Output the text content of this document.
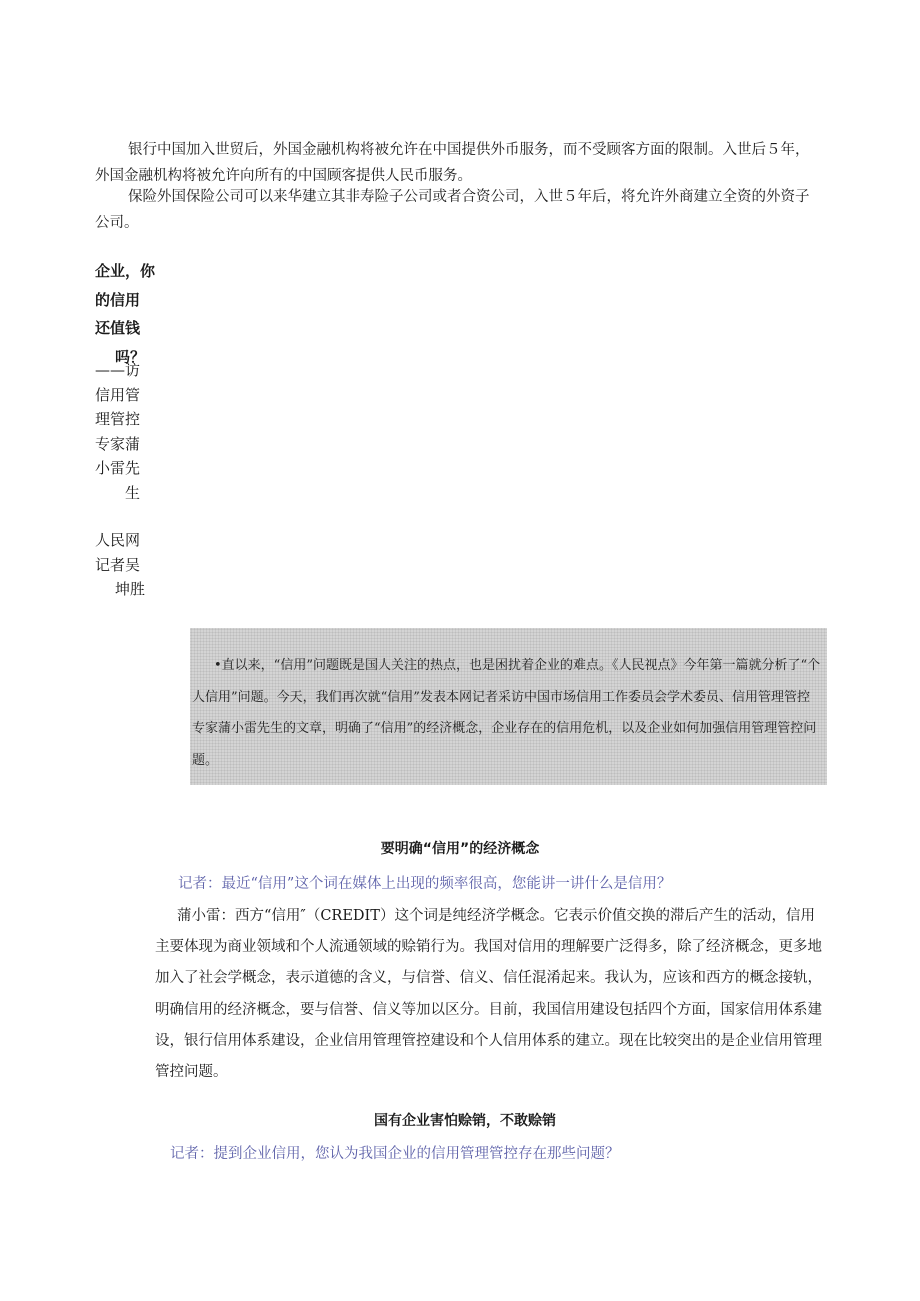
银行中国加入世贸后，外国金融机构将被允许在中国提供外币服务，而不受顾客方面的限制。入世后５年，外国金融机构将被允许向所有的中国顾客提供人民币服务。
保险外国保险公司可以来华建立其非寿险子公司或者合资公司，入世５年后，将允许外商建立全资的外资子公司。
企业，你
的信用
还值钱
吗？
——访
信用管
理管控
专家蒲
小雷先
生
人民网
记者吴
坤胜
•直以来，“信用”问题既是国人关注的热点，也是困扰着企业的难点。《人民视点》今年第一篇就分析了“个人信用”问题。今天，我们再次就“信用”发表本网记者采访中国市场信用工作委员会学术委员、信用管理管控专家蒲小雷先生的文章，明确了“信用”的经济概念，企业存在的信用危机，以及企业如何加强信用管理管控问题。
要明确“信用”的经济概念
记者：最近“信用”这个词在媒体上出现的频率很高，您能讲一讲什么是信用？
蒲小雷：西方“信用″（CREDIT）这个词是纯经济学概念。它表示价值交换的滞后产生的活动，信用主要体现为商业领域和个人流通领域的赊销行为。我国对信用的理解要广泛得多，除了经济概念，更多地加入了社会学概念，表示道德的含义，与信誉、信义、信任混淆起来。我认为，应该和西方的概念接轨，明确信用的经济概念，要与信誉、信义等加以区分。目前，我国信用建设包括四个方面，国家信用体系建设，银行信用体系建设，企业信用管理管控建设和个人信用体系的建立。现在比较突出的是企业信用管理管控问题。
国有企业害怕赊销，不敢赊销
记者：提到企业信用，您认为我国企业的信用管理管控存在那些问题？
